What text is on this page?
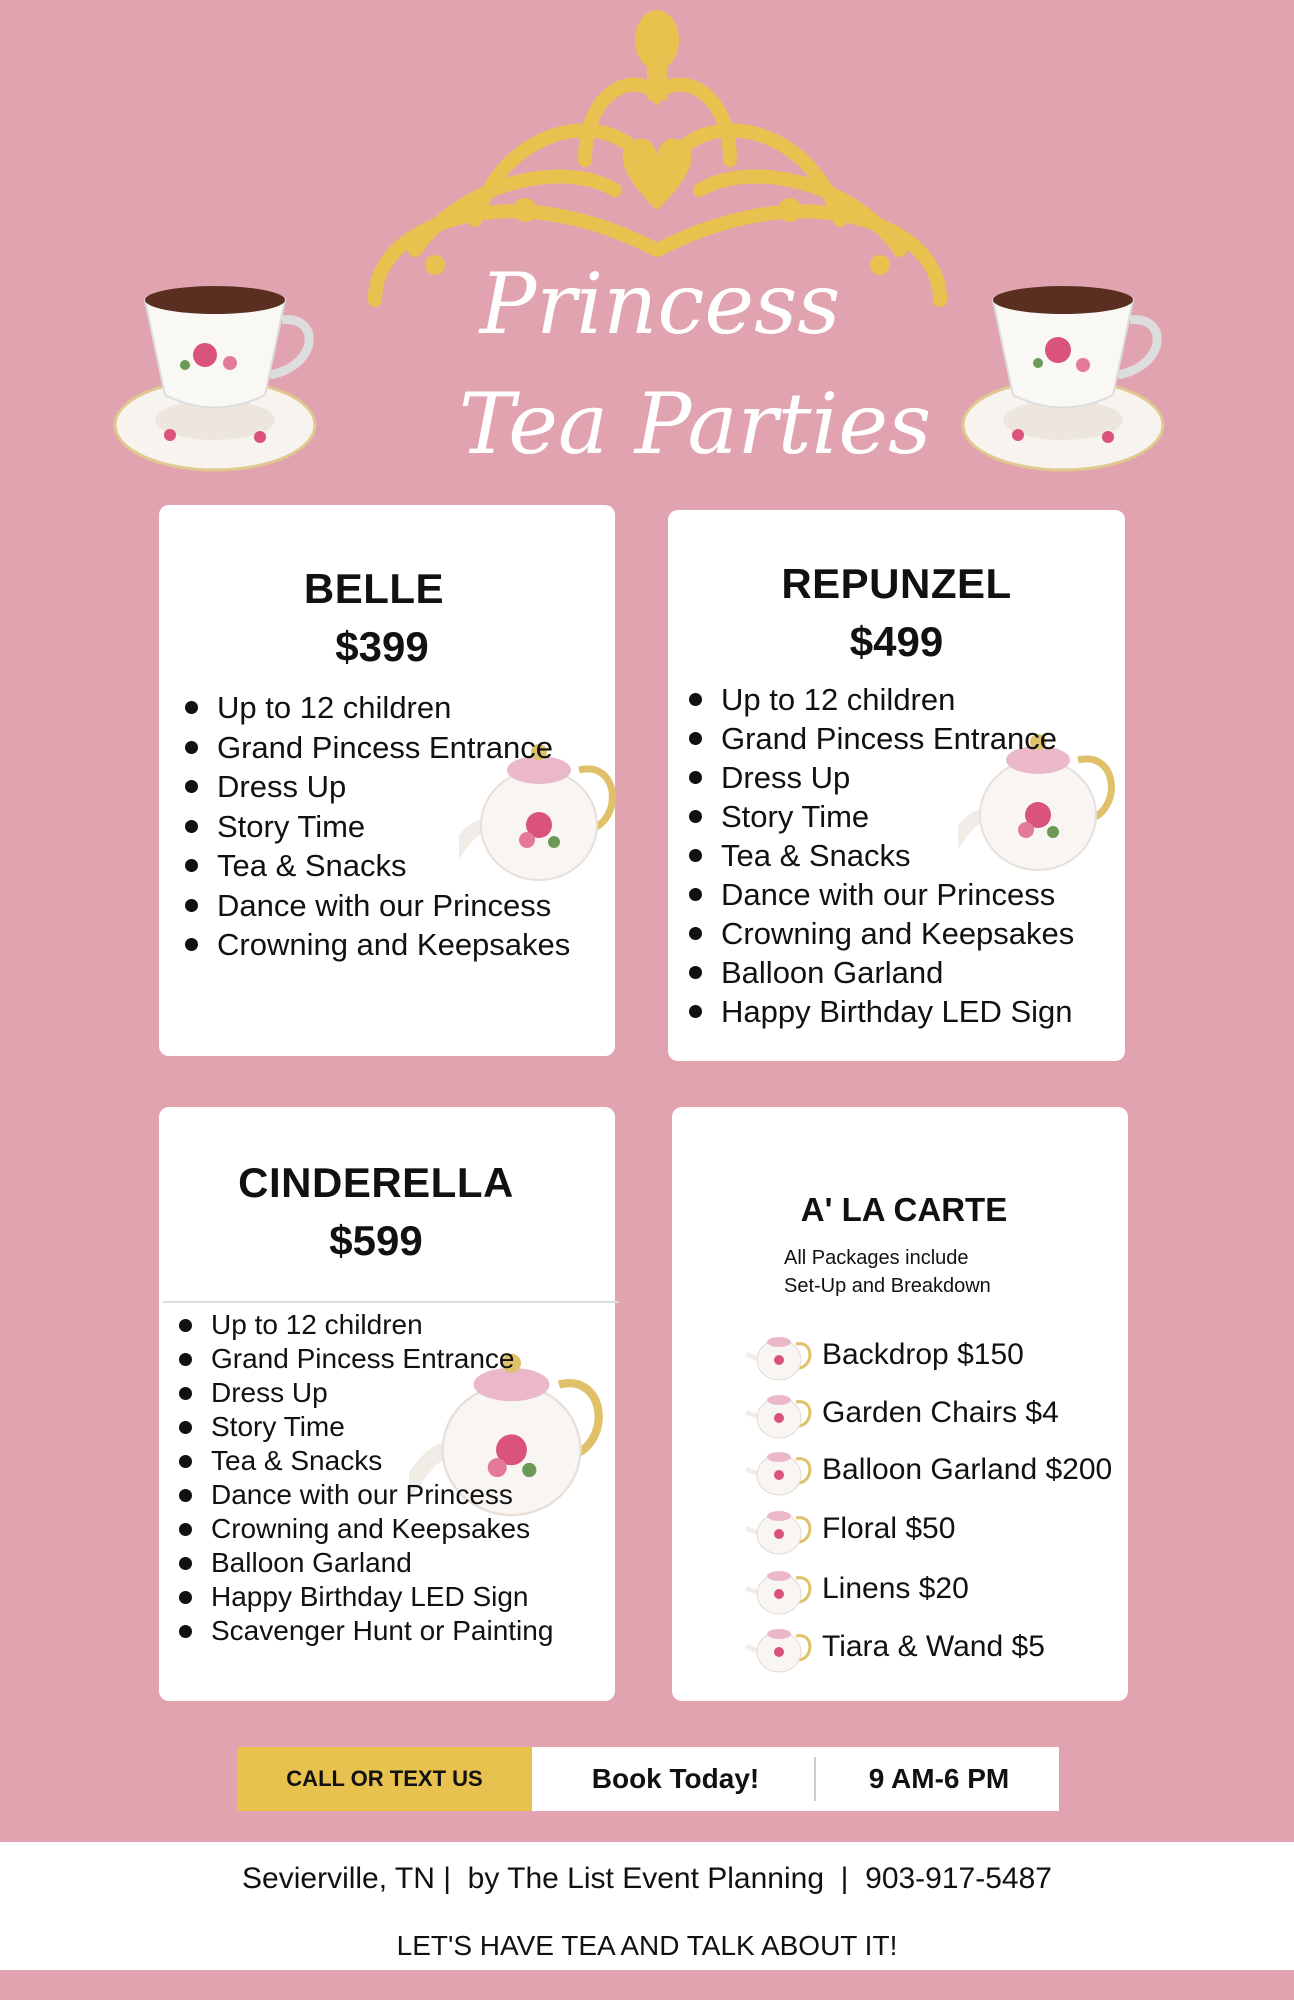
Princess
Tea Parties
BELLE
$399
Up to 12 children
Grand Pincess Entrance
Dress Up
Story Time
Tea & Snacks
Dance with our Princess
Crowning and Keepsakes
REPUNZEL
$499
Up to 12 children
Grand Pincess Entrance
Dress Up
Story Time
Tea & Snacks
Dance with our Princess
Crowning and Keepsakes
Balloon Garland
Happy Birthday LED Sign
CINDERELLA
$599
Up to 12 children
Grand Pincess Entrance
Dress Up
Story Time
Tea & Snacks
Dance with our Princess
Crowning and Keepsakes
Balloon Garland
Happy Birthday LED Sign
Scavenger Hunt or Painting
A' LA CARTE
All Packages include
Set-Up and Breakdown
Backdrop $150
Garden Chairs $4
Balloon Garland $200
Floral $50
Linens $20
Tiara & Wand $5
CALL OR TEXT US	Book Today!	9 AM-6 PM
Sevierville, TN |  by The List Event Planning  |  903-917-5487
LET'S HAVE TEA AND TALK ABOUT IT!
